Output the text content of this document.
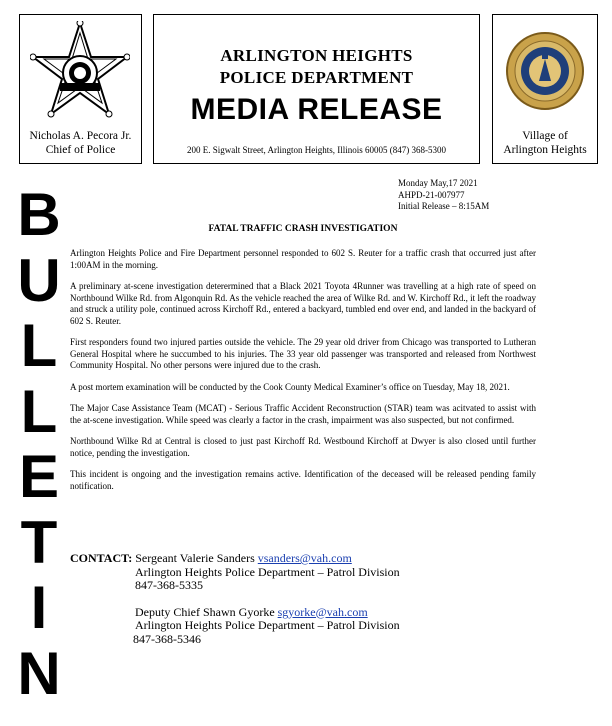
Nicholas A. Pecora Jr.
Chief of Police
ARLINGTON HEIGHTS
POLICE DEPARTMENT
MEDIA RELEASE
200 E. Sigwalt Street, Arlington Heights, Illinois 60005 (847) 368-5300
Village of
Arlington Heights
B
U
L
L
E
T
I
N
Monday May,17 2021
AHPD-21-007977
Initial Release – 8:15AM
FATAL TRAFFIC CRASH INVESTIGATION

Arlington Heights Police and Fire Department personnel responded to 602 S. Reuter for a traffic crash that occurred just after 1:00AM in the morning.

A preliminary at-scene investigation deterermined that a Black 2021 Toyota 4Runner was travelling at a high rate of speed on Northbound Wilke Rd. from Algonquin Rd. As the vehicle reached the area of Wilke Rd. and W. Kirchoff Rd., it left the roadway and struck a utility pole, continued across Kirchoff Rd., entered a backyard, tumbled end over end, and landed in the backyard of 602 S. Reuter.

First responders found two injured parties outside the vehicle. The 29 year old driver from Chicago was transported to Lutheran General Hospital where he succumbed to his injuries. The 33 year old passenger was transported and released from Northwest Community Hospital. No other persons were injured due to the crash.

A post mortem examination will be conducted by the Cook County Medical Examiner’s office on Tuesday, May 18, 2021.

The Major Case Assistance Team (MCAT) - Serious Traffic Accident Reconstruction (STAR) team was acitvated to assist with the at-scene investigation. While speed was clearly a factor in the crash, impairment was also suspected, but not confirmed.

Northbound Wilke Rd at Central is closed to just past Kirchoff Rd. Westbound Kirchoff at Dwyer is also closed until further notice, pending the investigation.

This incident is ongoing and the investigation remains active. Identification of the deceased will be released pending family notification.

CONTACT: Sergeant Valerie Sanders vsanders@vah.com
Arlington Heights Police Department – Patrol Division
847-368-5335
Deputy Chief Shawn Gyorke sgyorke@vah.com
Arlington Heights Police Department – Patrol Division
847-368-5346
